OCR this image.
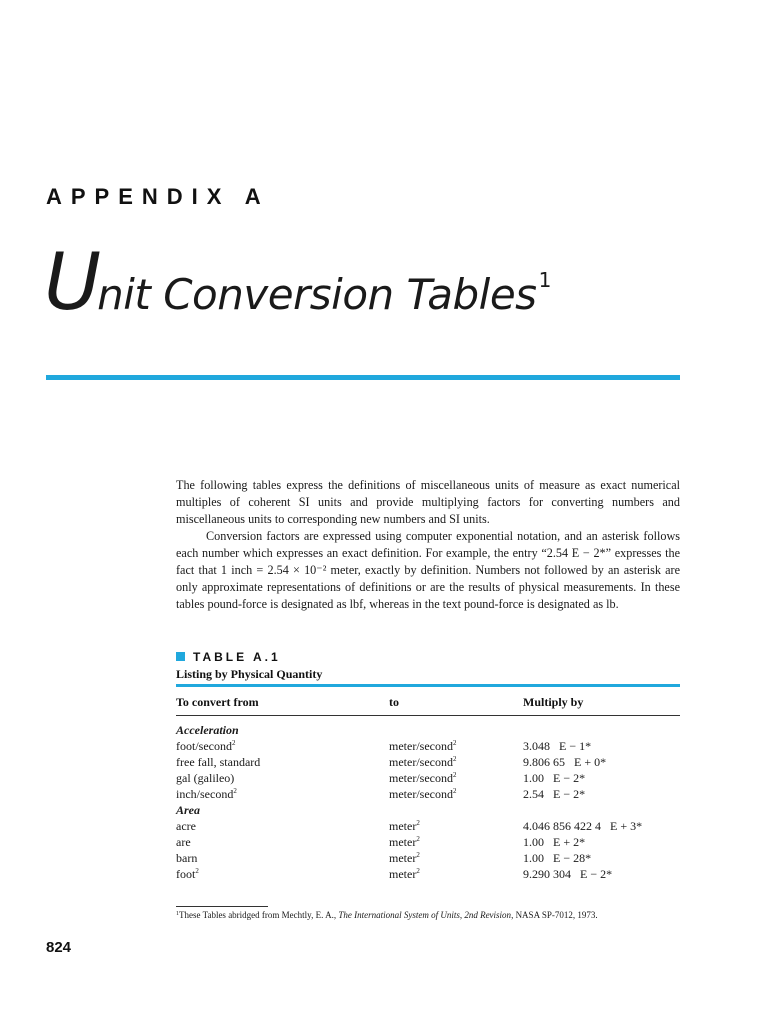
APPENDIX A
Unit Conversion Tables $^1$

The following tables express the definitions of miscellaneous units of measure as exact numerical multiples of coherent SI units and provide multiplying factors for converting numbers and miscellaneous units to corresponding new numbers and SI units.

Conversion factors are expressed using computer exponential notation, and an asterisk follows each number which expresses an exact definition. For example, the entry “2.54 E − 2*” expresses the fact that 1 inch = 2.54 × 10⁻² meter, exactly by definition. Numbers not followed by an asterisk are only approximate representations of definitions or are the results of physical measurements. In these tables pound-force is designated as lbf, whereas in the text pound-force is designated as lb.

TABLE A.1
Listing by Physical Quantity
To convert from	to	Multiply by
Acceleration
foot/second$^2$	meter/second$^2$	3.048   E − 1*
free fall, standard	meter/second$^2$	9.806 65   E + 0*
gal (galileo)	meter/second$^2$	1.00   E − 2*
inch/second$^2$	meter/second$^2$	2.54   E − 2*
Area
acre	meter$^2$	4.046 856 422 4   E + 3*
are	meter$^2$	1.00   E + 2*
barn	meter$^2$	1.00   E − 28*
foot$^2$	meter$^2$	9.290 304   E − 2*
$^1$These Tables abridged from Mechtly, E. A., The International System of Units, 2nd Revision, NASA SP-7012, 1973.
824
